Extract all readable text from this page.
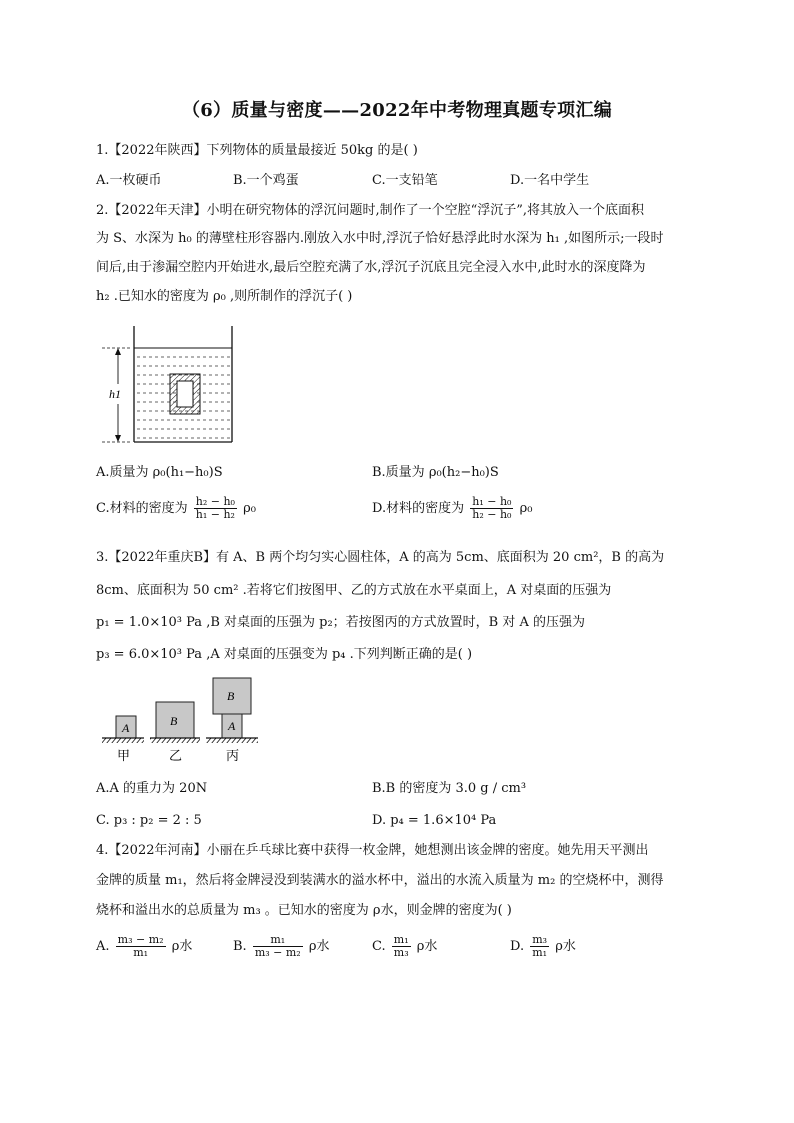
（6）质量与密度——2022年中考物理真题专项汇编
1.【2022年陕西】下列物体的质量最接近 50kg 的是( )
A.一枚硬币	B.一个鸡蛋	C.一支铅笔	D.一名中学生
2.【2022年天津】小明在研究物体的浮沉问题时,制作了一个空腔“浮沉子”,将其放入一个底面积
为 S、水深为 h₀ 的薄壁柱形容器内.刚放入水中时,浮沉子恰好悬浮此时水深为 h₁ ,如图所示;一段时
间后,由于渗漏空腔内开始进水,最后空腔充满了水,浮沉子沉底且完全浸入水中,此时水的深度降为
h₂ .已知水的密度为 ρ₀ ,则所制作的浮沉子( )
h1
A.质量为 ρ₀(h₁−h₀)S	B.质量为 ρ₀(h₂−h₀)S
C.材料的密度为 $\frac{\text{h₂ − h₀}}{\text{h₁ − h₂}} \rho_0$	D.材料的密度为 $\frac{\text{h₁ − h₀}}{\text{h₂ − h₀}} \rho_0$
3.【2022年重庆B】有 A、B 两个均匀实心圆柱体，A 的高为 5cm、底面积为 20 cm²，B 的高为
8cm、底面积为 50 cm² .若将它们按图甲、乙的方式放在水平桌面上，A 对桌面的压强为
p₁ = 1.0×10³ Pa ,B 对桌面的压强为 p₂；若按图丙的方式放置时，B 对 A 的压强为
p₃ = 6.0×10³ Pa ,A 对桌面的压强变为 p₄ .下列判断正确的是( )
A	B
B
A
甲	乙	丙
A.A 的重力为 20N	B.B 的密度为 3.0 g / cm³
C. p₃ : p₂ = 2 : 5	D. p₄ = 1.6×10⁴ Pa
4.【2022年河南】小丽在乒乓球比赛中获得一枚金牌，她想测出该金牌的密度。她先用天平测出
金牌的质量 m₁，然后将金牌浸没到装满水的溢水杯中，溢出的水流入质量为 m₂ 的空烧杯中，测得
烧杯和溢出水的总质量为 m₃ 。已知水的密度为 ρ水，则金牌的密度为( )
A. $\frac{\text{m₃ − m₂}}{\text{m₁}}$ ρ水	B. $\frac{\text{m₁}}{\text{m₃ − m₂}}$ ρ水	C. $\frac{\text{m₁}}{\text{m₃}}$ ρ水	D. $\frac{\text{m₃}}{\text{m₁}}$ ρ水
